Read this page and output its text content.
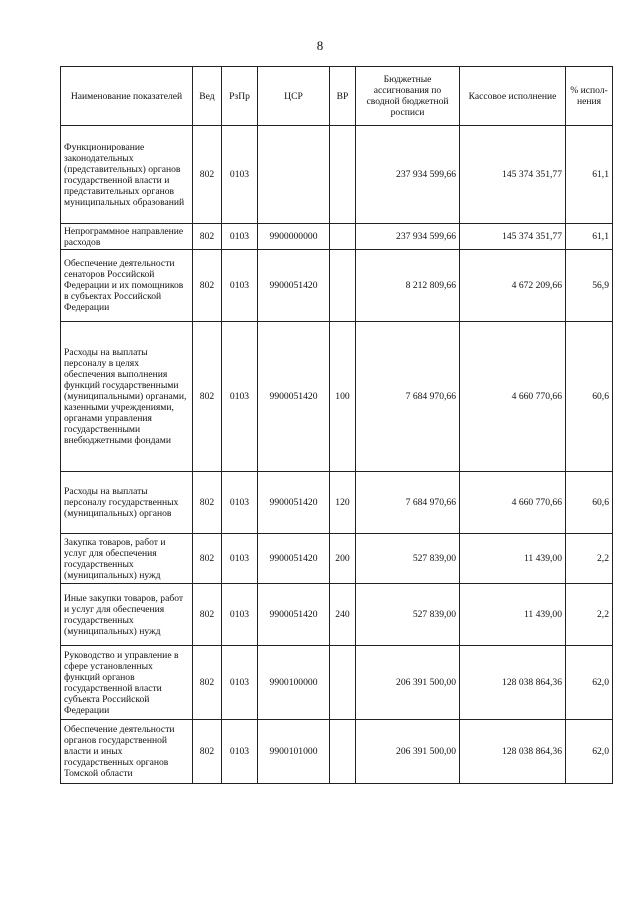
8
Наименование показателей	Вед	РзПр	ЦСР	ВР	Бюджетные ассигнования по сводной бюджетной росписи	Кассовое исполнение	% испол-нения
Функционирование законодательных (представительных) органов государственной власти и представительных органов муниципальных образований	802	0103			237 934 599,66	145 374 351,77	61,1
Непрограммное направление расходов	802	0103	9900000000		237 934 599,66	145 374 351,77	61,1
Обеспечение деятельности сенаторов Российской Федерации и их помощников в субъектах Российской Федерации	802	0103	9900051420		8 212 809,66	4 672 209,66	56,9
Расходы на выплаты персоналу в целях обеспечения выполнения функций государственными (муниципальными) органами, казенными учреждениями, органами управления государственными внебюджетными фондами	802	0103	9900051420	100	7 684 970,66	4 660 770,66	60,6
Расходы на выплаты персоналу государственных (муниципальных) органов	802	0103	9900051420	120	7 684 970,66	4 660 770,66	60,6
Закупка товаров, работ и услуг для обеспечения государственных (муниципальных) нужд	802	0103	9900051420	200	527 839,00	11 439,00	2,2
Иные закупки товаров, работ и услуг для обеспечения государственных (муниципальных) нужд	802	0103	9900051420	240	527 839,00	11 439,00	2,2
Руководство и управление в сфере установленных функций органов государственной власти субъекта Российской Федерации	802	0103	9900100000		206 391 500,00	128 038 864,36	62,0
Обеспечение деятельности органов государственной власти и иных государственных органов Томской области	802	0103	9900101000		206 391 500,00	128 038 864,36	62,0
